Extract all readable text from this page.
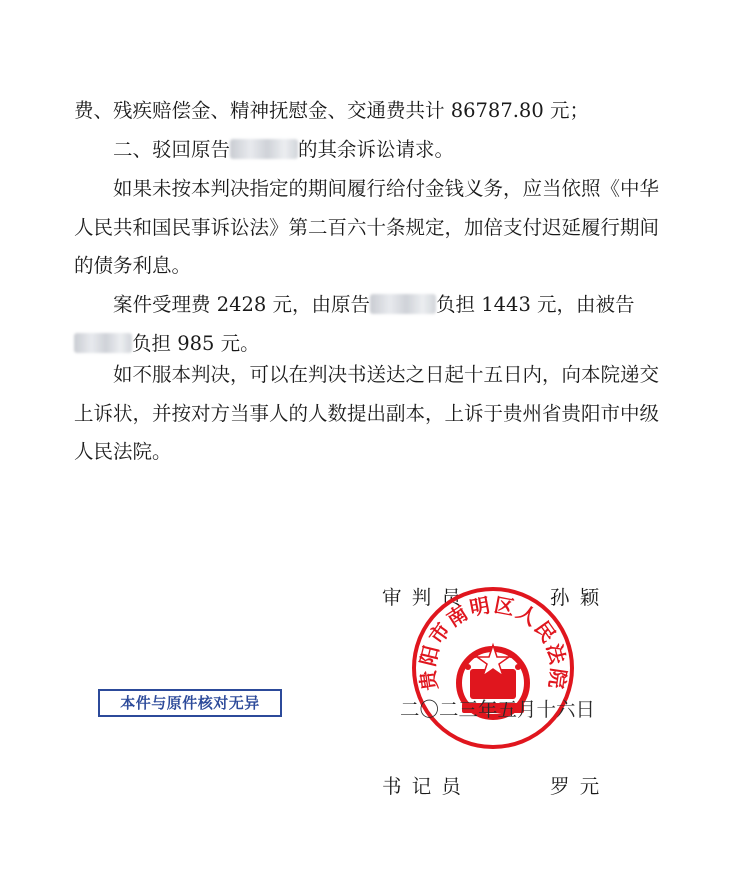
费、残疾赔偿金、精神抚慰金、交通费共计 86787.80 元；

二、驳回原告	的其余诉讼请求。

如果未按本判决指定的期间履行给付金钱义务，应当依照《中华人民共和国民事诉讼法》第二百六十条规定，加倍支付迟延履行期间的债务利息。

案件受理费 2428 元，由原告	负担 1443 元，由被告
负担 985 元。

如不服本判决，可以在判决书送达之日起十五日内，向本院递交上诉状，并按对方当事人的人数提出副本，上诉于贵州省贵阳市中级人民法院。

审 判 员	孙 颖
贵阳市南明区人民法院
二〇二三年五月十六日
书 记 员	罗 元
本件与原件核对无异
